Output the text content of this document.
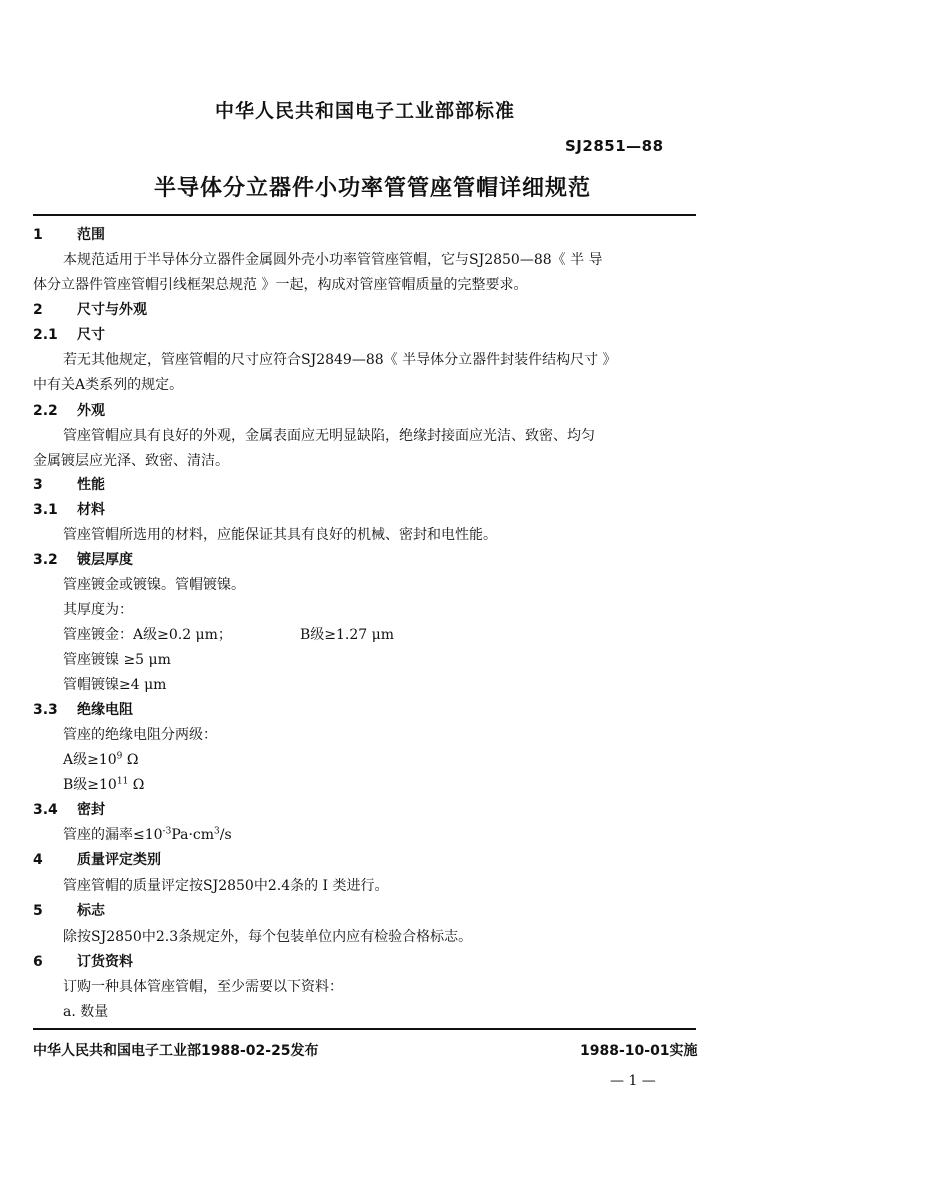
中华人民共和国电子工业部部标准
SJ2851—88
半导体分立器件小功率管管座管帽详细规范
1 范围
本规范适用于半导体分立器件金属圆外壳小功率管管座管帽，它与SJ2850—88《 半 导
体分立器件管座管帽引线框架总规范 》一起，构成对管座管帽质量的完整要求。
2 尺寸与外观
2.1 尺寸
若无其他规定，管座管帽的尺寸应符合SJ2849—88《 半导体分立器件封装件结构尺寸 》
中有关A类系列的规定。
2.2 外观
管座管帽应具有良好的外观，金属表面应无明显缺陷，绝缘封接面应光洁、致密、均匀
金属镀层应光泽、致密、清洁。
3 性能
3.1 材料
管座管帽所选用的材料，应能保证其具有良好的机械、密封和电性能。
3.2 镀层厚度
管座镀金或镀镍。管帽镀镍。
其厚度为：
管座镀金：A级≥0.2 μm；	B级≥1.27 μm
管座镀镍 ≥5 μm
管帽镀镍≥4 μm
3.3 绝缘电阻
管座的绝缘电阻分两级：
A级$\ge 10^9$ Ω
B级$\ge 10^{11}$ Ω
3.4 密封
管座的漏率$\le 10^{-3}Pa\cdot cm^3/s$
4 质量评定类别
管座管帽的质量评定按SJ2850中2.4条的 I 类进行。
5 标志
除按SJ2850中2.3条规定外，每个包装单位内应有检验合格标志。
6 订货资料
订购一种具体管座管帽，至少需要以下资料：
a. 数量
中华人民共和国电子工业部1988-02-25发布	1988-10-01实施
— 1 —
